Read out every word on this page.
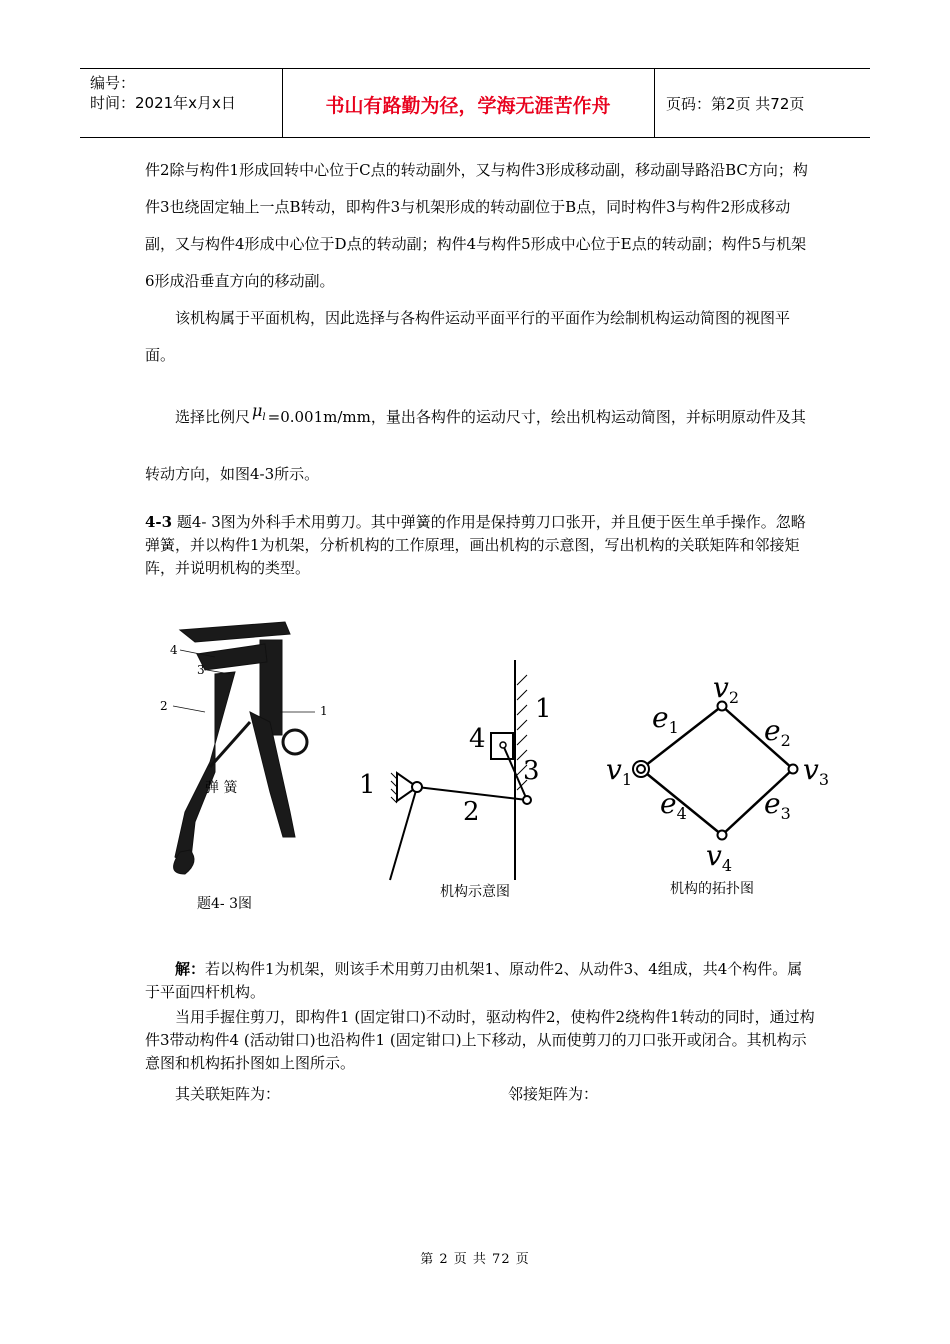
编号：
时间：2021年x月x日	书山有路勤为径，学海无涯苦作舟	页码：第2页 共72页
件2除与构件1形成回转中心位于C点的转动副外，又与构件3形成移动副，移动副导路沿BC方向；构件3也绕固定轴上一点B转动，即构件3与机架形成的转动副位于B点，同时构件3与构件2形成移动副，又与构件4形成中心位于D点的转动副；构件4与构件5形成中心位于E点的转动副；构件5与机架6形成沿垂直方向的移动副。
该机构属于平面机构，因此选择与各构件运动平面平行的平面作为绘制机构运动简图的视图平面。
选择比例尺 $\mu_l =0.001m/mm$，量出各构件的运动尺寸，绘出机构运动简图，并标明原动件及其转动方向，如图4-3所示。
4-3 题4- 3图为外科手术用剪刀。其中弹簧的作用是保持剪刀口张开，并且便于医生单手操作。忽略弹簧，并以构件1为机架，分析机构的工作原理，画出机构的示意图，写出机构的关联矩阵和邻接矩阵，并说明机构的类型。
4
3
2	1
弹 簧
题4- 3图
1
2
3
4
1
机构示意图
$v_1$
$v_2$
$v_3$
$v_4$
$e_1$	$e_2$
$e_3$
$e_4$
机构的拓扑图
解：若以构件1为机架，则该手术用剪刀由机架1、原动件2、从动件3、4组成，共4个构件。属于平面四杆机构。
当用手握住剪刀，即构件1 (固定钳口)不动时，驱动构件2，使构件2绕构件1转动的同时，通过构件3带动构件4 (活动钳口)也沿构件1 (固定钳口)上下移动，从而使剪刀的刀口张开或闭合。其机构示意图和机构拓扑图如上图所示。
其关联矩阵为：	邻接矩阵为：
第 2 页 共 72 页
